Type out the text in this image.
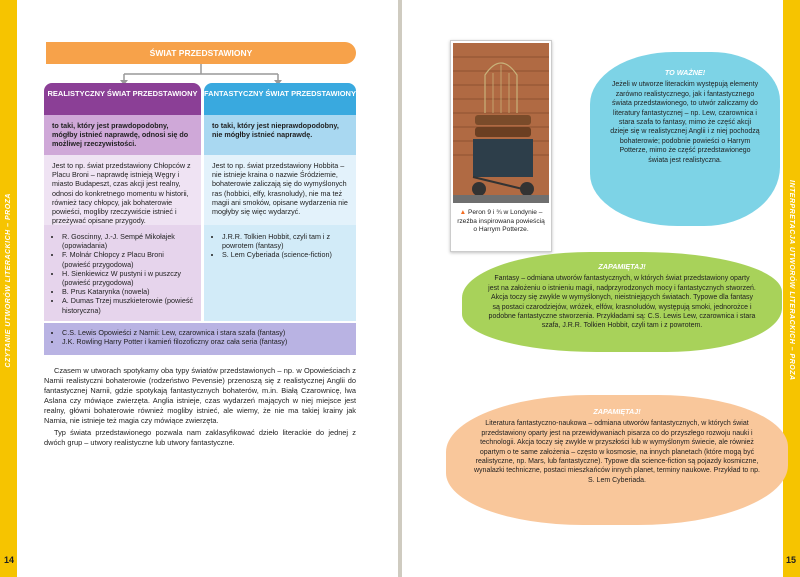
CZYTANIE UTWORÓW LITERACKICH – PROZA
ŚWIAT PRZEDSTAWIONY
REALISTYCZNY ŚWIAT PRZEDSTAWIONY
to taki, który jest prawdopodobny, mógłby istnieć naprawdę, odnosi się do możliwej rzeczywistości.
Jest to np. świat przedstawiony Chłopców z Placu Broni – naprawdę istnieją Węgry i miasto Budapeszt, czas akcji jest realny, odnosi do konkretnego momentu w historii, również tacy chłopcy, jak bohaterowie powieści, mogliby rzeczywiście istnieć i przeżywać opisane przygody.
• R. Goscinny, J.-J. Sempé Mikołajek (opowiadania)
• F. Molnár Chłopcy z Placu Broni (powieść przygodowa)
• H. Sienkiewicz W pustyni i w puszczy (powieść przygodowa)
• B. Prus Katarynka (nowela)
• A. Dumas Trzej muszkieterowie (powieść historyczna)
FANTASTYCZNY ŚWIAT PRZEDSTAWIONY
to taki, który jest nieprawdopodobny, nie mógłby istnieć naprawdę.
Jest to np. świat przedstawiony Hobbita – nie istnieje kraina o nazwie Śródziemie, bohaterowie zaliczają się do wymyślonych ras (hobbici, elfy, krasnoludy), nie ma też magii ani smoków, opisane wydarzenia nie mogłyby się więc wydarzyć.
• J.R.R. Tolkien Hobbit, czyli tam i z powrotem (fantasy)
• S. Lem Cyberiada (science-fiction)
• C.S. Lewis Opowieści z Narnii: Lew, czarownica i stara szafa (fantasy)
• J.K. Rowling Harry Potter i kamień filozoficzny oraz cała seria (fantasy)
Czasem w utworach spotykamy oba typy światów przedstawionych – np. w Opowieściach z Narnii realistyczni bohaterowie (rodzeństwo Pevensie) przenoszą się z realistycznej Anglii do fantastycznej Narnii, gdzie spotykają fantastycznych bohaterów, m.in. Białą Czarownicę, lwa Aslana czy mówiące zwierzęta. Anglia istnieje, czas wydarzeń mających w niej miejsce jest realny, główni bohaterowie również mogliby istnieć, ale wiemy, że nie ma takiej krainy jak Narnia, nie istnieje też magia czy mówiące zwierzęta.
Typ świata przedstawionego pozwala nam zaklasyfikować dzieło literackie do jednej z dwóch grup – utwory realistyczne lub utwory fantastyczne.
14
INTERPRETACJA UTWORÓW LITERACKICH – PROZA
▲ Peron 9 i ¾ w Londynie – rzeźba inspirowana powieścią o Harrym Potterze.
TO WAŻNE!
Jeżeli w utworze literackim występują elementy zarówno realistycznego, jak i fantastycznego świata przedstawionego, to utwór zaliczamy do literatury fantastycznej – np. Lew, czarownica i stara szafa to fantasy, mimo że część akcji dzieje się w realistycznej Anglii i z niej pochodzą bohaterowie; podobnie powieści o Harrym Potterze, mimo że część przedstawionego świata jest realistyczna.
ZAPAMIĘTAJ!
Fantasy – odmiana utworów fantastycznych, w których świat przedstawiony oparty jest na założeniu o istnieniu magii, nadprzyrodzonych mocy i fantastycznych stworzeń. Akcja toczy się zwykle w wymyślonych, nieistniejących światach. Typowe dla fantasy są postaci czarodziejów, wróżek, elfów, krasnoludów, występują smoki, jednorożce i podobne fantastyczne stworzenia. Przykładami są: C.S. Lewis Lew, czarownica i stara szafa, J.R.R. Tolkien Hobbit, czyli tam i z powrotem.
ZAPAMIĘTAJ!
Literatura fantastyczno-naukowa – odmiana utworów fantastycznych, w których świat przedstawiony oparty jest na przewidywaniach pisarza co do przyszłego rozwoju nauki i technologii. Akcja toczy się zwykle w przyszłości lub w wymyślonym świecie, ale również opartym o te same założenia – często w kosmosie, na innych planetach (które mogą być realistyczne, np. Mars, lub fantastyczne). Typowe dla science-fiction są pojazdy kosmiczne, wynalazki techniczne, postaci mieszkańców innych planet, terminy naukowe. Przykład to np. S. Lem Cyberiada.
15
